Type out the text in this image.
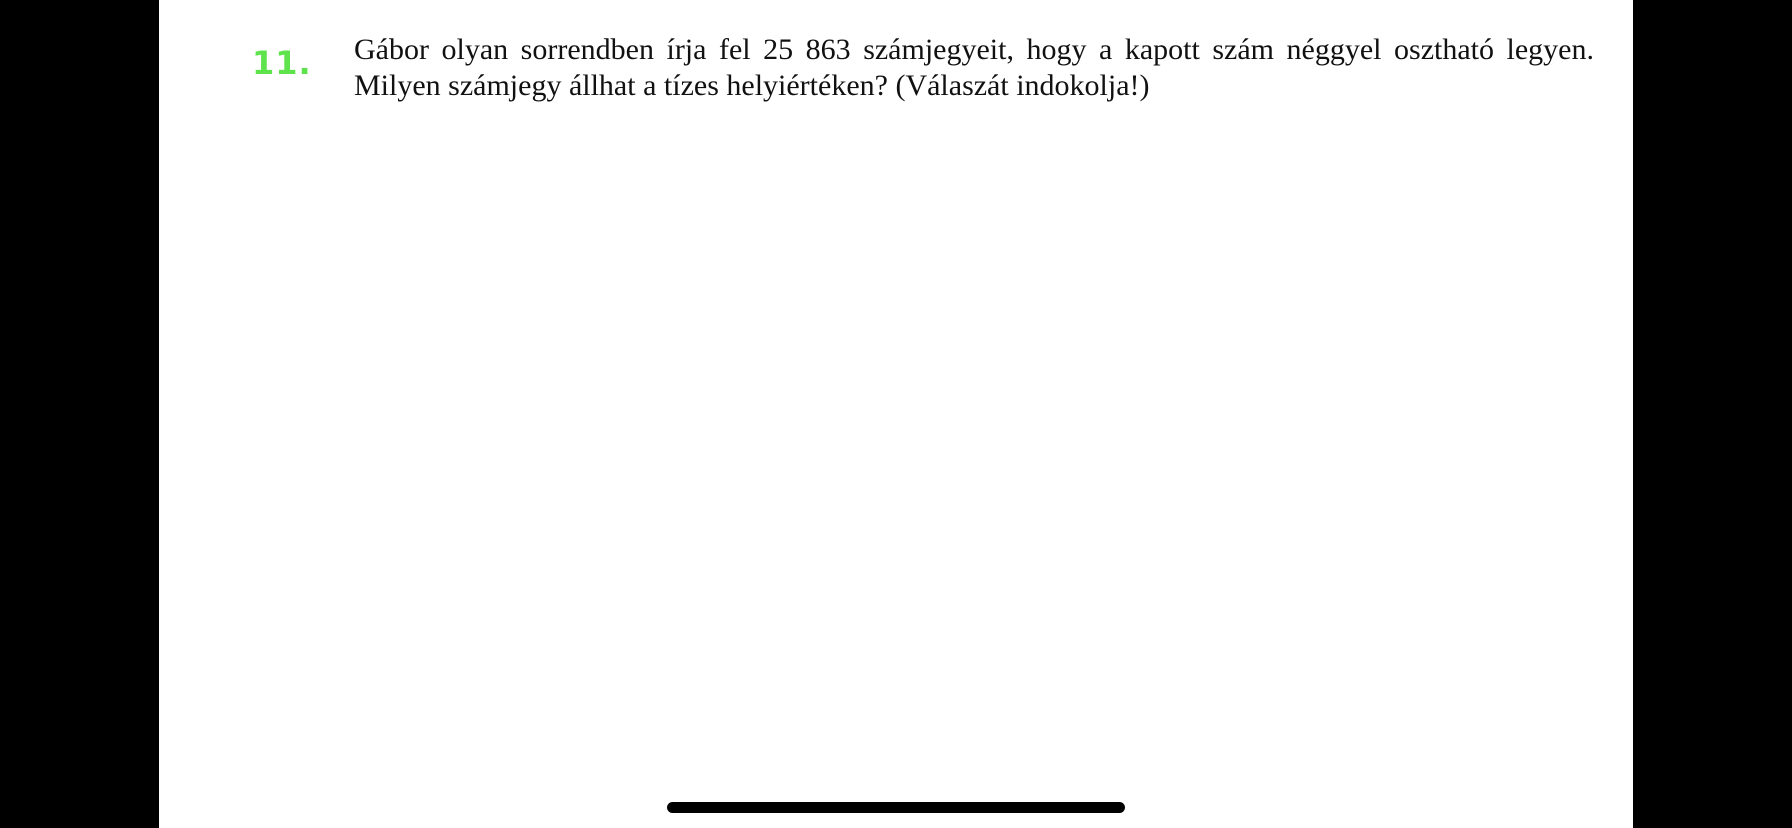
11. Gábor olyan sorrendben írja fel 25 863 számjegyeit, hogy a kapott szám néggyel osztható legyen. Milyen számjegy állhat a tízes helyiértéken? (Válaszát indokolja!)
